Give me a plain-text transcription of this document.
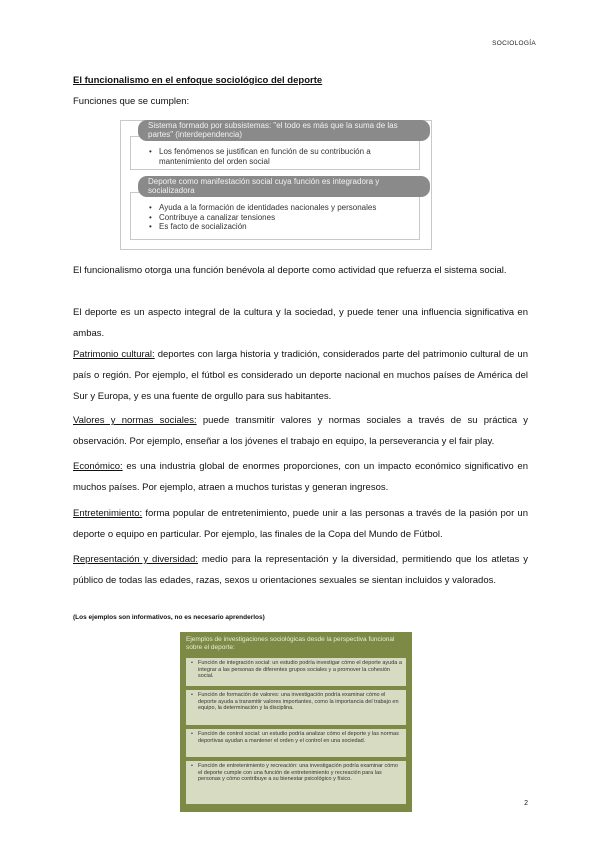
SOCIOLOGÍA
El funcionalismo en el enfoque sociológico del deporte
Funciones que se cumplen:
• Los fenómenos se justifican en función de su contribución a mantenimiento del orden social
Sistema formado por subsistemas: "el todo es más que la suma de las partes" (interdependencia)
• Ayuda a la formación de identidades nacionales y personales
• Contribuye a canalizar tensiones
• Es facto de socialización
Deporte como manifestación social cuya función es integradora y socializadora
El funcionalismo otorga una función benévola al deporte como actividad que refuerza el sistema social.
El deporte es un aspecto integral de la cultura y la sociedad, y puede tener una influencia significativa en ambas.
Patrimonio cultural: deportes con larga historia y tradición, considerados parte del patrimonio cultural de un país o región. Por ejemplo, el fútbol es considerado un deporte nacional en muchos países de América del Sur y Europa, y es una fuente de orgullo para sus habitantes.
Valores y normas sociales: puede transmitir valores y normas sociales a través de su práctica y observación. Por ejemplo, enseñar a los jóvenes el trabajo en equipo, la perseverancia y el fair play.
Económico: es una industria global de enormes proporciones, con un impacto económico significativo en muchos países. Por ejemplo, atraen a muchos turistas y generan ingresos.
Entretenimiento: forma popular de entretenimiento, puede unir a las personas a través de la pasión por un deporte o equipo en particular. Por ejemplo, las finales de la Copa del Mundo de Fútbol.
Representación y diversidad: medio para la representación y la diversidad, permitiendo que los atletas y público de todas las edades, razas, sexos u orientaciones sexuales se sientan incluidos y valorados.
(Los ejemplos son informativos, no es necesario aprenderlos)
Ejemplos de investigaciones sociológicas desde la perspectiva funcional sobre el deporte:
• Función de integración social: un estudio podría investigar cómo el deporte ayuda a integrar a las personas de diferentes grupos sociales y a promover la cohesión social.
• Función de formación de valores: una investigación podría examinar cómo el deporte ayuda a transmitir valores importantes, como la importancia del trabajo en equipo, la determinación y la disciplina.
• Función de control social: un estudio podría analizar cómo el deporte y las normas deportivas ayudan a mantener el orden y el control en una sociedad.
• Función de entretenimiento y recreación: una investigación podría examinar cómo el deporte cumple con una función de entretenimiento y recreación para las personas y cómo contribuye a su bienestar psicológico y físico.
2
